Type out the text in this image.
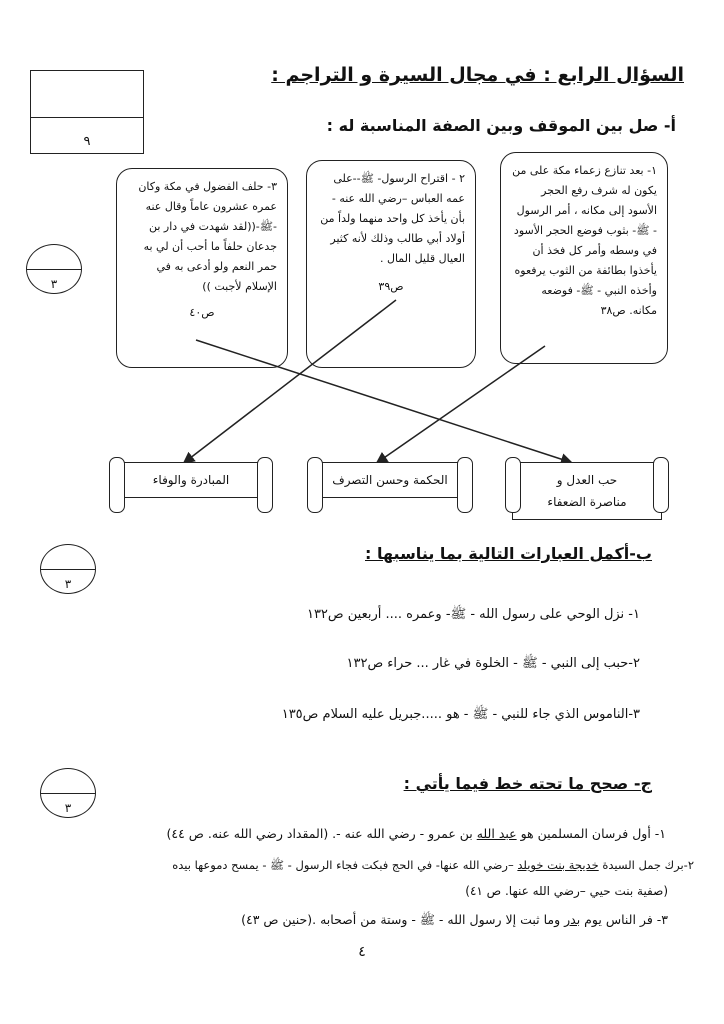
٩
السؤال الرابع : في مجال السيرة و التراجم :
أ- صل بين الموقف وبين الصفة المناسبة له :
٣
١- بعد تنازع زعماء مكة على من يكون له شرف رفع الحجر الأسود إلى مكانه ، أمر الرسول - ﷺ- بثوب فوضع الحجر الأسود في وسطه وأمر كل فخذ أن يأخذوا بطائفة من الثوب يرفعوه وأخذه النبي - ﷺ- فوضعه مكانه. ص٣٨
٢ - اقتراح الرسول- ﷺ--على عمه العباس –رضي الله عنه - بأن يأخذ كل واحد منهما ولداً من أولاد أبي طالب وذلك لأنه كثير العيال قليل المال .
ص٣٩
٣- حلف الفضول في مكة وكان عمره عشرون عاماً وقال عنه -ﷺ-((لقد شهدت في دار بن جدعان حلفاً ما أحب أن لي به حمر النعم ولو أدعى به في الإسلام لأجبت ))
ص٤٠
حب العدل و
مناصرة الضعفاء
الحكمة وحسن التصرف
المبادرة والوفاء
ب-أكمل العبارات التالية بما يناسبها :
٣
١- نزل الوحي على رسول الله - ﷺ- وعمره .... أربعين ص١٣٢
٢-حبب إلى النبي - ﷺ - الخلوة في غار ... حراء ص١٣٢
٣-الناموس الذي جاء للنبي - ﷺ - هو .....جبريل عليه السلام ص١٣٥
ج- صحح ما تحته خط فيما يأتي :
٣
١- أول فرسان المسلمين هو عبد الله بن عمرو - رضي الله عنه -. (المقداد رضي الله عنه. ص ٤٤)
٢-برك جمل السيدة خديجة بنت خويلد –رضي الله عنها- في الحج فبكت فجاء الرسول - ﷺ - يمسح دموعها بيده
(صفية بنت حيي –رضي الله عنها. ص ٤١)
٣- فر الناس يوم بدر وما ثبت إلا رسول الله - ﷺ - وستة من أصحابه .(حنين ص ٤٣)
٤
